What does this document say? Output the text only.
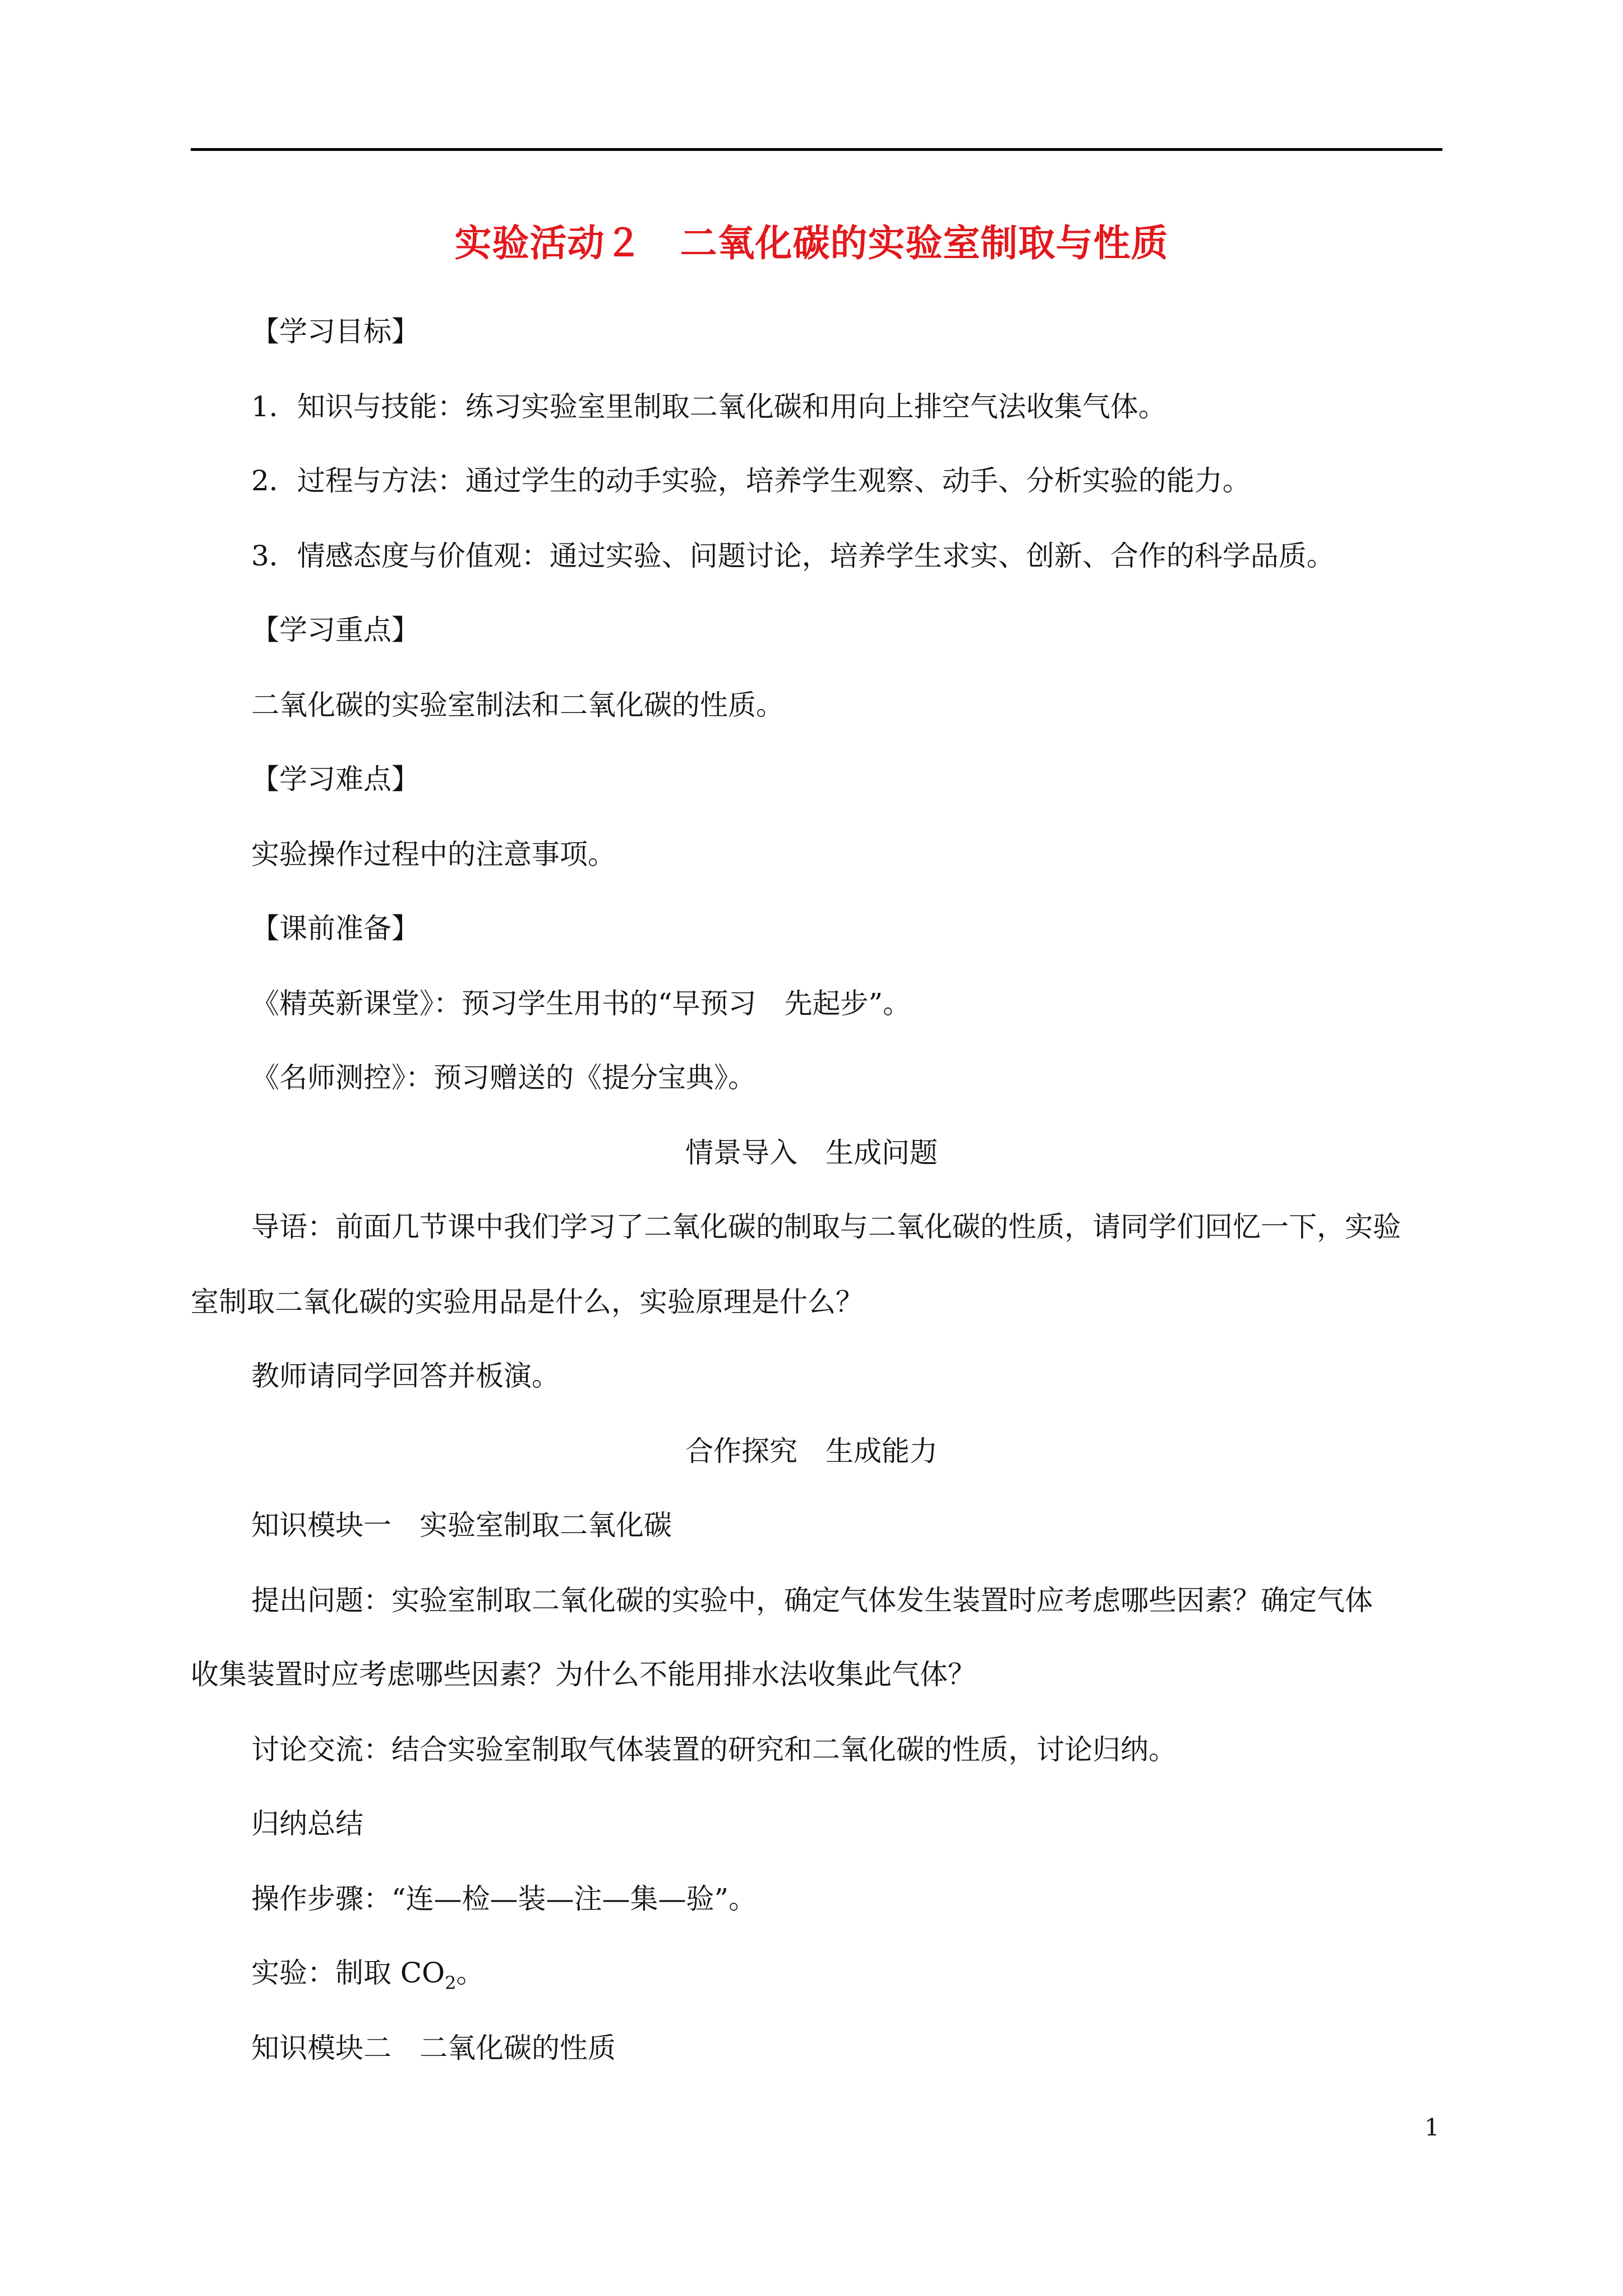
实验活动２　二氧化碳的实验室制取与性质
【学习目标】
1．知识与技能：练习实验室里制取二氧化碳和用向上排空气法收集气体。
2．过程与方法：通过学生的动手实验，培养学生观察、动手、分析实验的能力。
3．情感态度与价值观：通过实验、问题讨论，培养学生求实、创新、合作的科学品质。
【学习重点】
二氧化碳的实验室制法和二氧化碳的性质。
【学习难点】
实验操作过程中的注意事项。
【课前准备】
《精英新课堂》：预习学生用书的“早预习　先起步”。
《名师测控》：预习赠送的《提分宝典》。
情景导入　生成问题
导语：前面几节课中我们学习了二氧化碳的制取与二氧化碳的性质，请同学们回忆一下，实验
室制取二氧化碳的实验用品是什么，实验原理是什么？
教师请同学回答并板演。
合作探究　生成能力
知识模块一　实验室制取二氧化碳
提出问题：实验室制取二氧化碳的实验中，确定气体发生装置时应考虑哪些因素？确定气体
收集装置时应考虑哪些因素？为什么不能用排水法收集此气体？
讨论交流：结合实验室制取气体装置的研究和二氧化碳的性质，讨论归纳。
归纳总结
操作步骤：“连—检—装—注—集—验”。
实验：制取 $CO_2$。
知识模块二　二氧化碳的性质
1
